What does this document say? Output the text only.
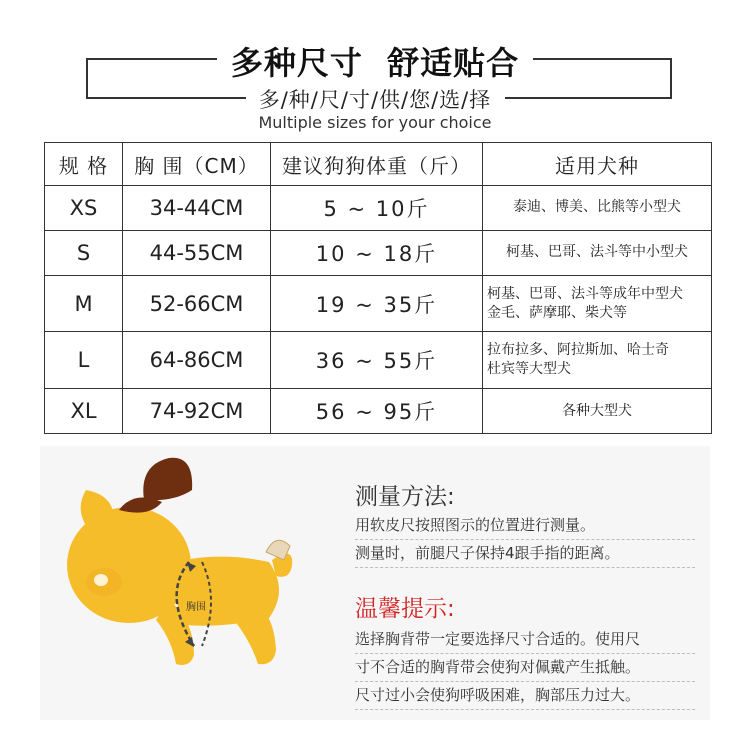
多种尺寸  舒适贴合
多/种/尺/寸/供/您/选/择
Multiple sizes for your choice
规 格	胸 围（CM）	建议狗狗体重（斤）	适用犬种
XS	34-44CM	5 ~ 10斤	泰迪、博美、比熊等小型犬

S	44-55CM	10 ~ 18斤	柯基、巴哥、法斗等中小型犬

M	52-66CM	19 ~ 35斤	柯基、巴哥、法斗等成年中型犬
金毛、萨摩耶、柴犬等

L	64-86CM	36 ~ 55斤	拉布拉多、阿拉斯加、哈士奇
杜宾等大型犬

XL	74-92CM	56 ~ 95斤	各种大型犬
胸围
测量方法:
用软皮尺按照图示的位置进行测量。
测量时，前腿尺子保持4跟手指的距离。
温馨提示:
选择胸背带一定要选择尺寸合适的。使用尺
寸不合适的胸背带会使狗对佩戴产生抵触。
尺寸过小会使狗呼吸困难，胸部压力过大。
